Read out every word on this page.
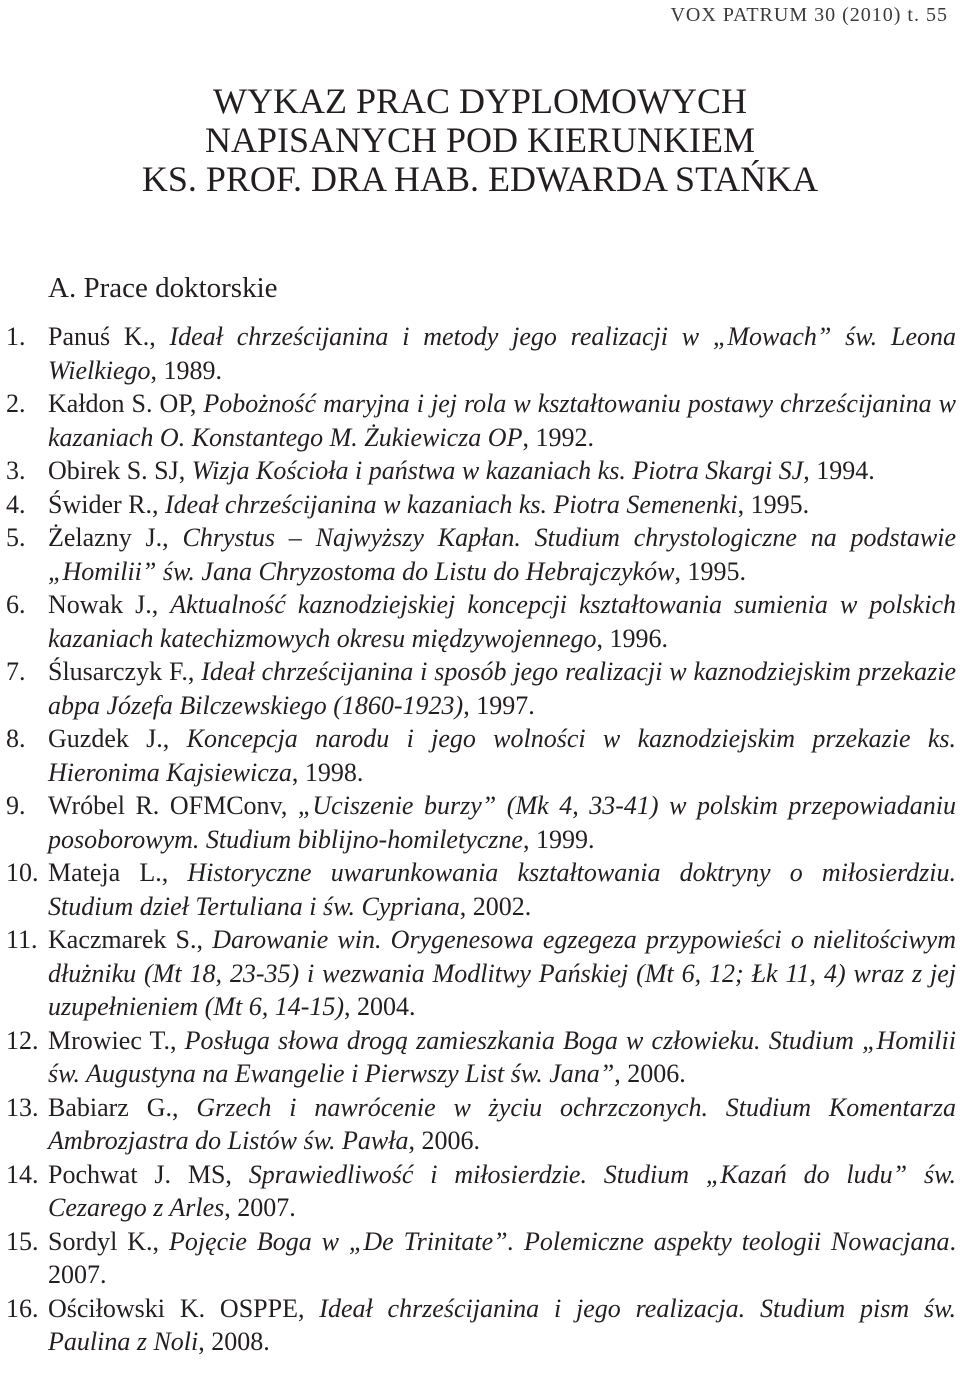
VOX PATRUM 30 (2010) t. 55
WYKAZ PRAC DYPLOMOWYCH
NAPISANYCH POD KIERUNKIEM
KS. PROF. DRA HAB. EDWARDA STAŃKA
A. Prace doktorskie
1. Panuś K., Ideał chrześcijanina i metody jego realizacji w „Mowach” św. Leona Wielkiego, 1989.
2. Kałdon S. OP, Pobożność maryjna i jej rola w kształtowaniu postawy chrześcijanina w kazaniach O. Konstantego M. Żukiewicza OP, 1992.
3. Obirek S. SJ, Wizja Kościoła i państwa w kazaniach ks. Piotra Skargi SJ, 1994.
4. Świder R., Ideał chrześcijanina w kazaniach ks. Piotra Semenenki, 1995.
5. Żelazny J., Chrystus – Najwyższy Kapłan. Studium chrystologiczne na podstawie „Homilii” św. Jana Chryzostoma do Listu do Hebrajczyków, 1995.
6. Nowak J., Aktualność kaznodziejskiej koncepcji kształtowania sumienia w polskich kazaniach katechizmowych okresu międzywojennego, 1996.
7. Ślusarczyk F., Ideał chrześcijanina i sposób jego realizacji w kaznodziejskim przekazie abpa Józefa Bilczewskiego (1860-1923), 1997.
8. Guzdek J., Koncepcja narodu i jego wolności w kaznodziejskim przekazie ks. Hieronima Kajsiewicza, 1998.
9. Wróbel R. OFMConv, „Uciszenie burzy” (Mk 4, 33-41) w polskim przepowiadaniu posoborowym. Studium biblijno-homiletyczne, 1999.
10. Mateja L., Historyczne uwarunkowania kształtowania doktryny o miłosierdziu. Studium dzieł Tertuliana i św. Cypriana, 2002.
11. Kaczmarek S., Darowanie win. Orygenesowa egzegeza przypowieści o nielitościwym dłużniku (Mt 18, 23-35) i wezwania Modlitwy Pańskiej (Mt 6, 12; Łk 11, 4) wraz z jej uzupełnieniem (Mt 6, 14-15), 2004.
12. Mrowiec T., Posługa słowa drogą zamieszkania Boga w człowieku. Studium „Homilii św. Augustyna na Ewangelie i Pierwszy List św. Jana”, 2006.
13. Babiarz G., Grzech i nawrócenie w życiu ochrzczonych. Studium Komentarza Ambrozjastra do Listów św. Pawła, 2006.
14. Pochwat J. MS, Sprawiedliwość i miłosierdzie. Studium „Kazań do ludu” św. Cezarego z Arles, 2007.
15. Sordyl K., Pojęcie Boga w „De Trinitate”. Polemiczne aspekty teologii Nowacjana. 2007.
16. Ościłowski K. OSPPE, Ideał chrześcijanina i jego realizacja. Studium pism św. Paulina z Noli, 2008.
